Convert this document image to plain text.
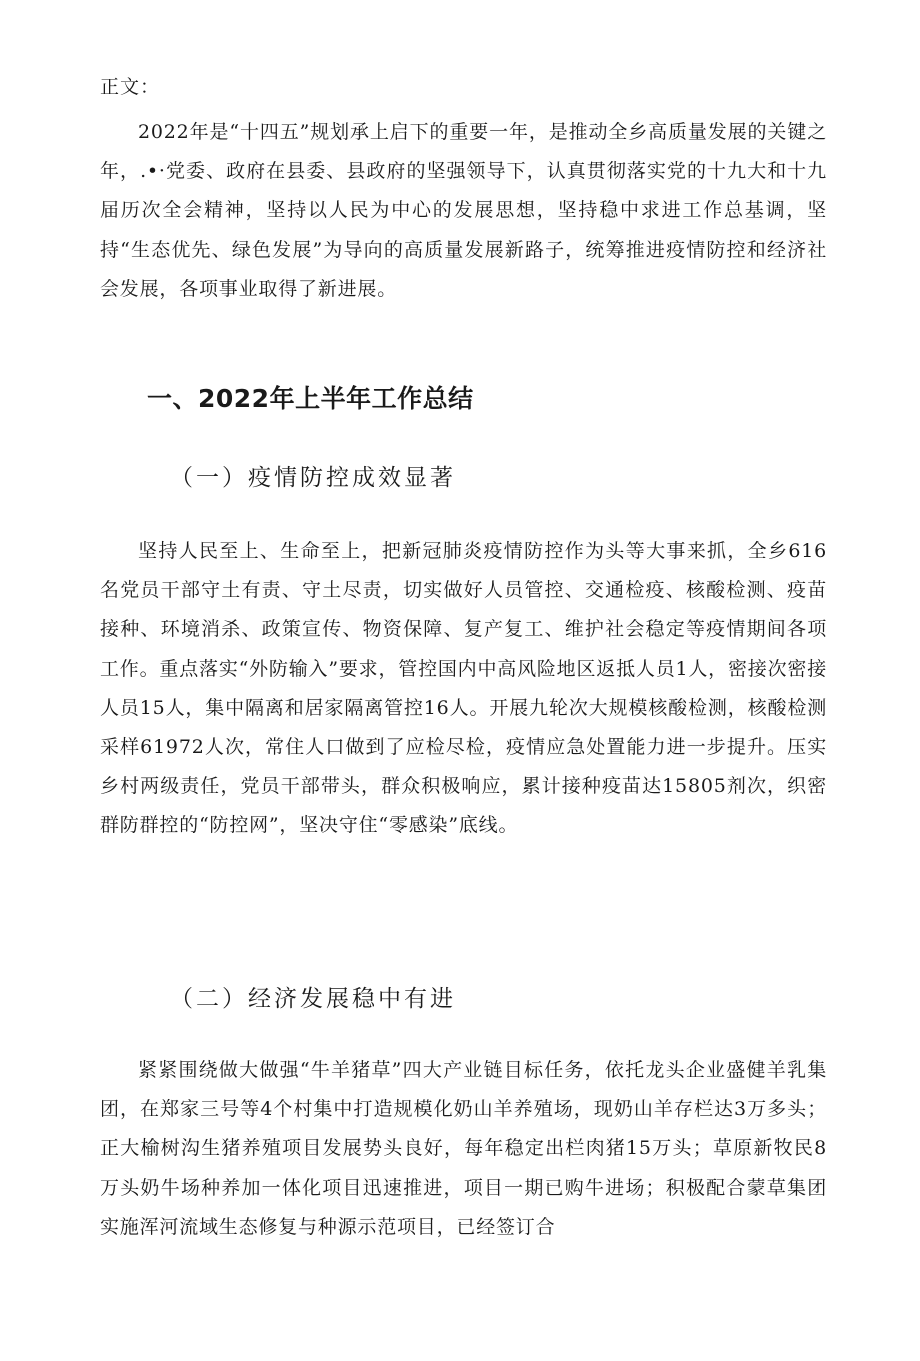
正文：

2022年是“十四五”规划承上启下的重要一年，是推动全乡高质量发展的关键之年，.•·党委、政府在县委、县政府的坚强领导下，认真贯彻落实党的十九大和十九届历次全会精神，坚持以人民为中心的发展思想，坚持稳中求进工作总基调，坚持“生态优先、绿色发展”为导向的高质量发展新路子，统筹推进疫情防控和经济社会发展，各项事业取得了新进展。

一、2022年上半年工作总结
（一）疫情防控成效显著

坚持人民至上、生命至上，把新冠肺炎疫情防控作为头等大事来抓，全乡616名党员干部守土有责、守土尽责，切实做好人员管控、交通检疫、核酸检测、疫苗接种、环境消杀、政策宣传、物资保障、复产复工、维护社会稳定等疫情期间各项工作。重点落实“外防输入”要求，管控国内中高风险地区返抵人员1人，密接次密接人员15人，集中隔离和居家隔离管控16人。开展九轮次大规模核酸检测，核酸检测采样61972人次，常住人口做到了应检尽检，疫情应急处置能力进一步提升。压实乡村两级责任，党员干部带头，群众积极响应，累计接种疫苗达15805剂次，织密群防群控的“防控网”，坚决守住“零感染”底线。

（二）经济发展稳中有进

紧紧围绕做大做强“牛羊猪草”四大产业链目标任务，依托龙头企业盛健羊乳集团，在郑家三号等4个村集中打造规模化奶山羊养殖场，现奶山羊存栏达3万多头；正大榆树沟生猪养殖项目发展势头良好，每年稳定出栏肉猪15万头；草原新牧民8万头奶牛场种养加一体化项目迅速推进，项目一期已购牛进场；积极配合蒙草集团实施浑河流域生态修复与种源示范项目，已经签订合
